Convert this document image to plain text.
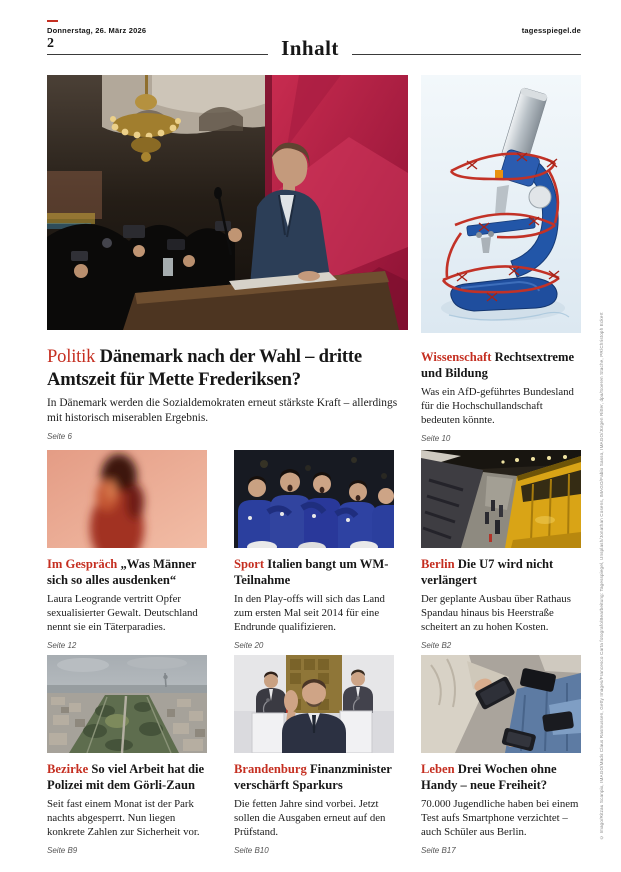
Donnerstag, 26. März 2026	tagesspiegel.de
2	Inhalt
Politik Dänemark nach der Wahl – dritte Amtszeit für Mette Frederiksen?

In Dänemark werden die Sozialdemokraten erneut stärkste Kraft – allerdings mit historisch miserablen Ergebnis.

Seite 6
Wissenschaft Rechtsextreme und Bildung

Was ein AfD-geführtes Bundesland für die Hochschullandschaft bedeuten könnte.

Seite 10
Im Gespräch „Was Männer sich so alles ausdenken“

Laura Leogrande vertritt Opfer sexualisierter Gewalt. Deutschland nennt sie ein Täterparadies.

Seite 12
Sport Italien bangt um WM-Teilnahme

In den Play-offs will sich das Land zum ersten Mal seit 2014 für eine Endrunde qualifizieren.

Seite 20
Berlin Die U7 wird nicht verlängert

Der geplante Ausbau über Rathaus Spandau hinaus bis Heerstraße scheitert an zu hohen Kosten.

Seite B2
Bezirke So viel Arbeit hat die Polizei mit dem Görli-Zaun

Seit fast einem Monat ist der Park nachts abgesperrt. Nun liegen konkrete Zahlen zur Sicherheit vor.

Seite B9
Brandenburg Finanzminister verschärft Sparkurs

Die fetten Jahre sind vorbei. Jetzt sollen die Ausgaben erneut auf den Prüfstand.

Seite B10
Leben Drei Wochen ohne Handy – neue Freiheit?

70.000 Jugendliche haben bei einem Test aufs Smartphone verzichtet – auch Schüler aus Berlin.

Seite B17
© Imago/Ritzau Scanpix, IMAGO/Mads Claus Rasmussen, Getty Images/Francesco Carta fotografo/Bearbeitung: Tagesspiegel, Unsplash/Jonathan Cosens, IMAGO/Fabio Sasso, IMAGO/Jürgen Ritter, dpa/Soeren Stache, PR/Christoph Eckert
